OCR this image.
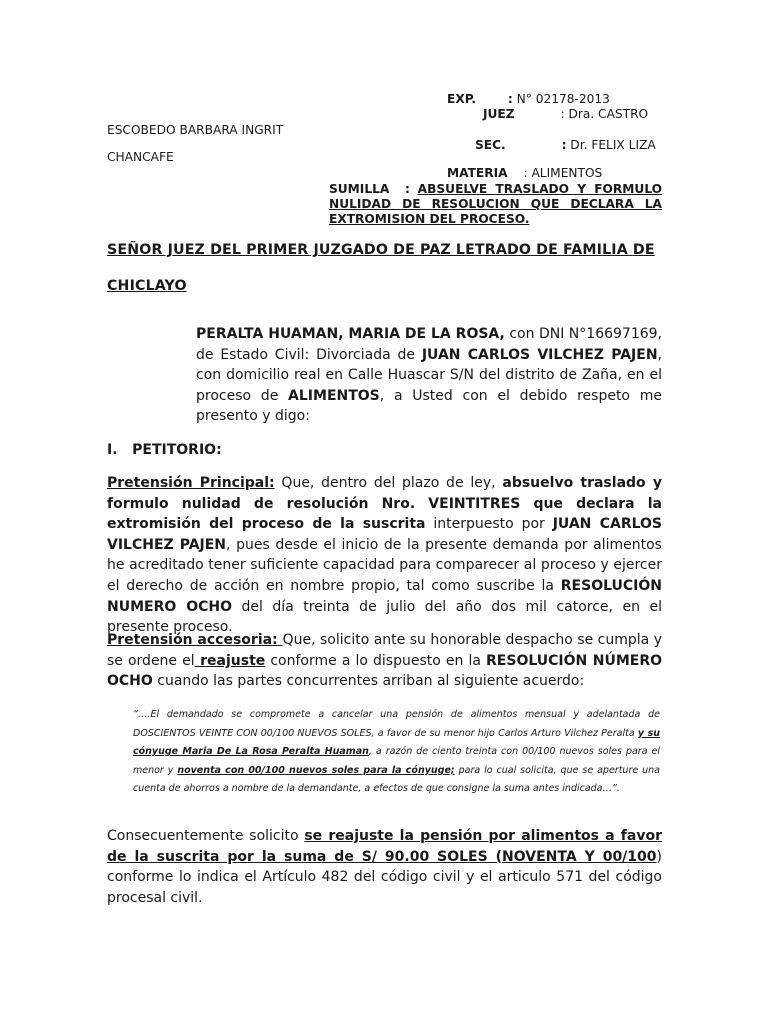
EXP.	: N° 02178-2013
JUEZ	: Dra. CASTRO
ESCOBEDO BARBARA INGRIT
SEC.	: Dr. FELIX LIZA
CHANCAFE
MATERIA : ALIMENTOS
SUMILLA : ABSUELVE TRASLADO Y FORMULO NULIDAD DE RESOLUCION QUE DECLARA LA EXTROMISION DEL PROCESO.
SEÑOR JUEZ DEL PRIMER JUZGADO DE PAZ LETRADO DE FAMILIA DE
CHICLAYO
PERALTA HUAMAN, MARIA DE LA ROSA, con DNI N°16697169, de Estado Civil: Divorciada de JUAN CARLOS VILCHEZ PAJEN, con domicilio real en Calle Huascar S/N del distrito de Zaña, en el proceso de ALIMENTOS, a Usted con el debido respeto me presento y digo:
I.   PETITORIO:
Pretensión Principal: Que, dentro del plazo de ley, absuelvo traslado y formulo nulidad de resolución Nro. VEINTITRES que declara la extromisión del proceso de la suscrita interpuesto por JUAN CARLOS VILCHEZ PAJEN, pues desde el inicio de la presente demanda por alimentos he acreditado tener suficiente capacidad para comparecer al proceso y ejercer el derecho de acción en nombre propio, tal como suscribe la RESOLUCIÓN NUMERO OCHO del día treinta de julio del año dos mil catorce, en el presente proceso.
Pretensión accesoria: Que, solicito ante su honorable despacho se cumpla y se ordene el reajuste conforme a lo dispuesto en la RESOLUCIÓN NÚMERO OCHO cuando las partes concurrentes arriban al siguiente acuerdo:
“….El demandado se compromete a cancelar una pensión de alimentos mensual y adelantada de DOSCIENTOS VEINTE CON 00/100 NUEVOS SOLES, a favor de su menor hijo Carlos Arturo Vilchez Peralta y su cónyuge Maria De La Rosa Peralta Huaman, a razón de ciento treinta con 00/100 nuevos soles para el menor y noventa con 00/100 nuevos soles para la cónyuge; para lo cual solicita, que se aperture una cuenta de ahorros a nombre de la demandante, a efectos de que consigne la suma antes indicada…”.
Consecuentemente solicito se reajuste la pensión por alimentos a favor de la suscrita por la suma de S/ 90.00 SOLES (NOVENTA Y 00/100) conforme lo indica el Artículo 482 del código civil y el articulo 571 del código procesal civil.
